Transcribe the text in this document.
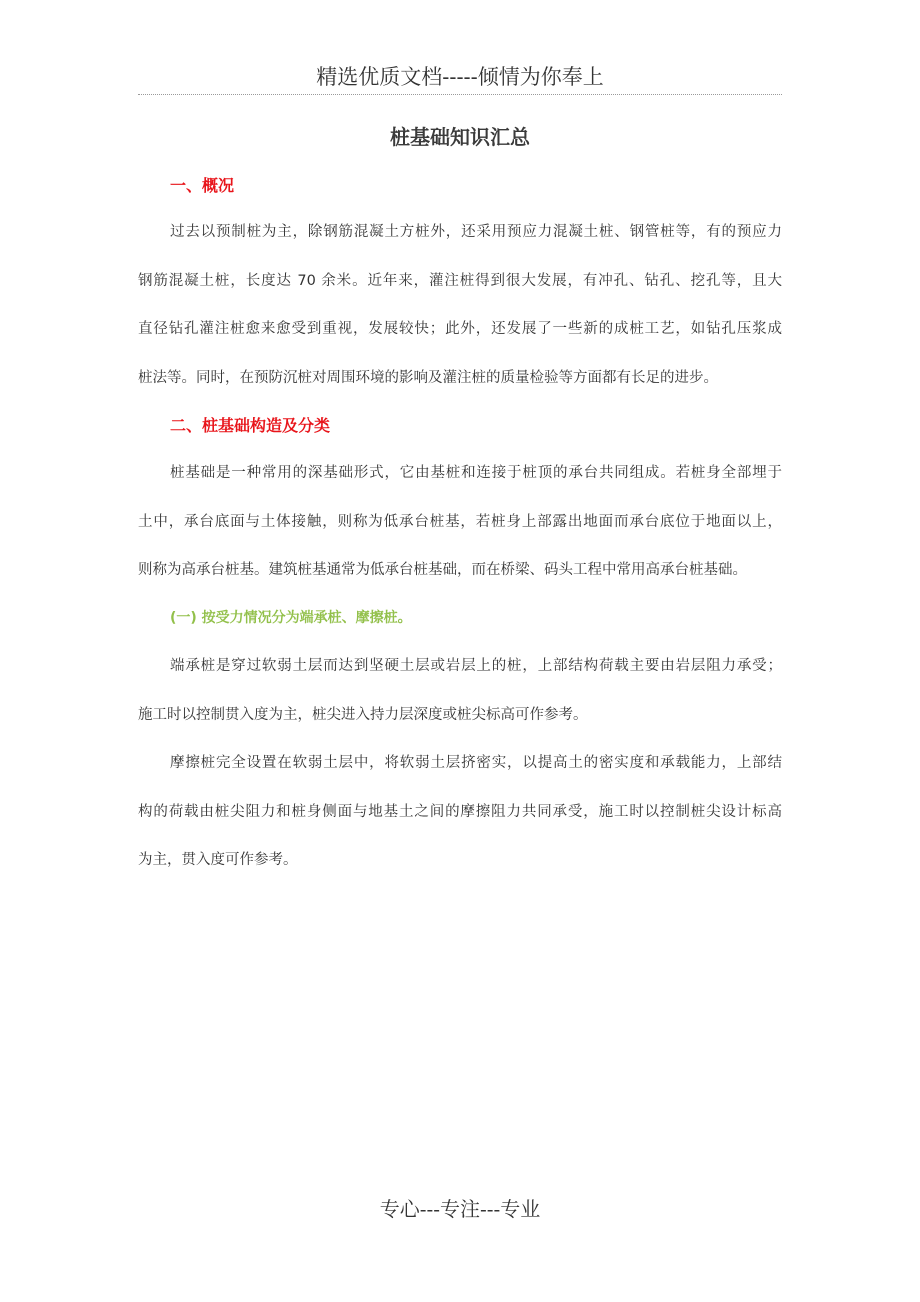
精选优质文档-----倾情为你奉上
桩基础知识汇总
一、概况
过去以预制桩为主，除钢筋混凝土方桩外，还采用预应力混凝土桩、钢管桩等，有的预应力
钢筋混凝土桩，长度达 70 余米。近年来，灌注桩得到很大发展，有冲孔、钻孔、挖孔等，且大
直径钻孔灌注桩愈来愈受到重视，发展较快；此外，还发展了一些新的成桩工艺，如钻孔压浆成
桩法等。同时，在预防沉桩对周围环境的影响及灌注桩的质量检验等方面都有长足的进步。
二、桩基础构造及分类
桩基础是一种常用的深基础形式，它由基桩和连接于桩顶的承台共同组成。若桩身全部埋于
土中，承台底面与土体接触，则称为低承台桩基，若桩身上部露出地面而承台底位于地面以上，
则称为高承台桩基。建筑桩基通常为低承台桩基础，而在桥梁、码头工程中常用高承台桩基础。
(一) 按受力情况分为端承桩、摩擦桩。
端承桩是穿过软弱土层而达到坚硬土层或岩层上的桩，上部结构荷载主要由岩层阻力承受；
施工时以控制贯入度为主，桩尖进入持力层深度或桩尖标高可作参考。
摩擦桩完全设置在软弱土层中，将软弱土层挤密实，以提高土的密实度和承载能力，上部结
构的荷载由桩尖阻力和桩身侧面与地基土之间的摩擦阻力共同承受，施工时以控制桩尖设计标高
为主，贯入度可作参考。
专心---专注---专业
